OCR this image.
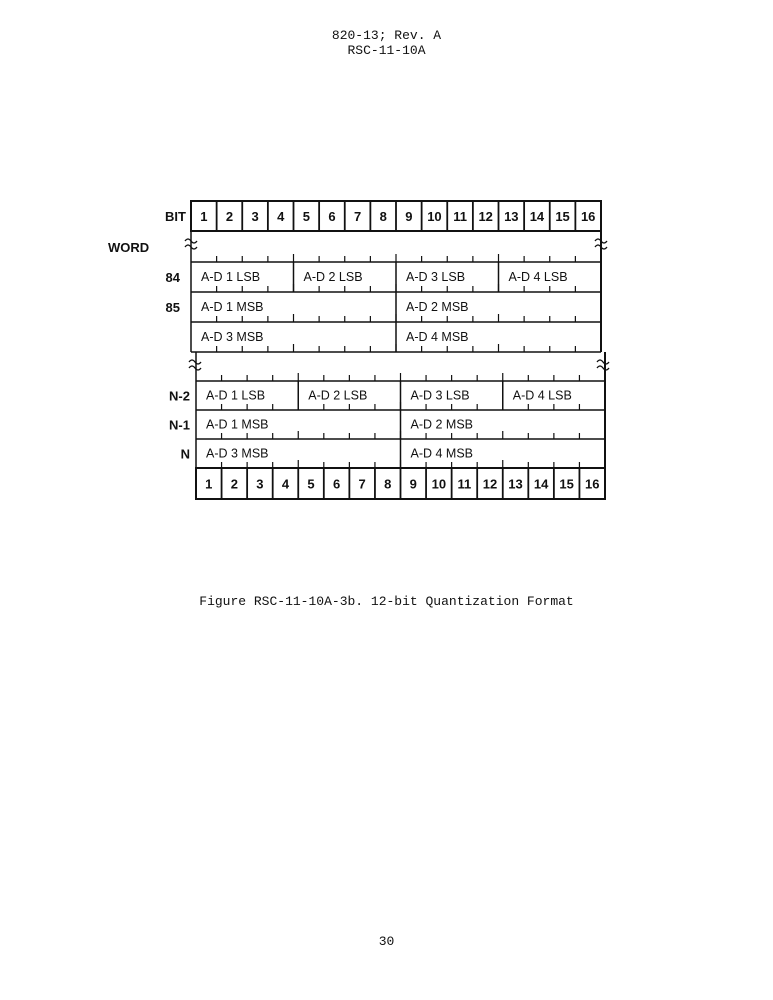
820-13; Rev. A
RSC-11-10A
BIT
WORD
1 2 3 4 5 6 7 8 9 10 11 12 13 14 15 16
84 A-D 1 LSB	A-D 2 LSB	A-D 3 LSB	A-D 4 LSB
85 A-D 1 MSB	A-D 2 MSB
A-D 3 MSB	A-D 4 MSB
N-2 A-D 1 LSB	A-D 2 LSB	A-D 3 LSB	A-D 4 LSB
N-1 A-D 1 MSB	A-D 2 MSB
N A-D 3 MSB	A-D 4 MSB
1 2 3 4 5 6 7 8 9 10 11 12 13 14 15 16
Figure RSC-11-10A-3b. 12-bit Quantization Format
30
